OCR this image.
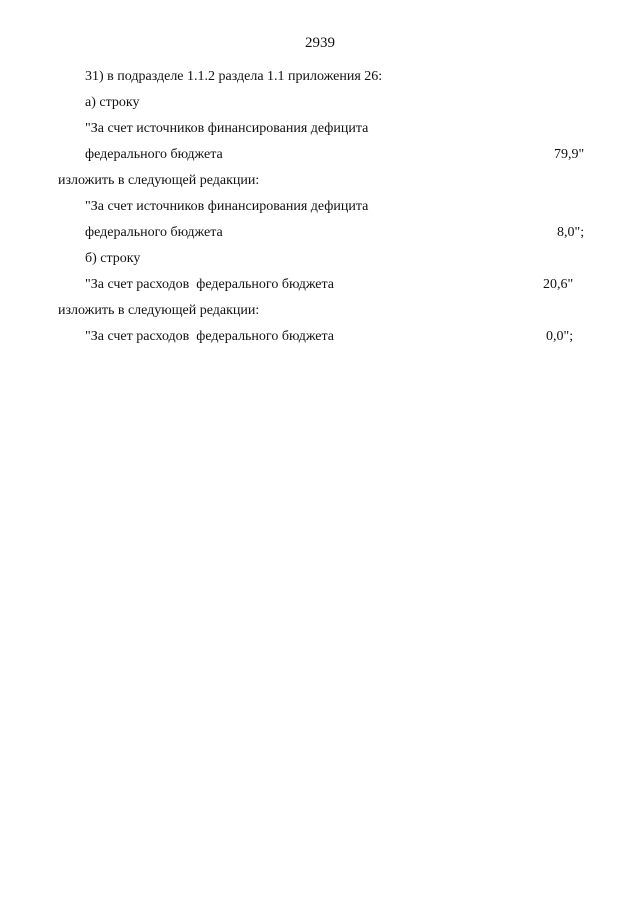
2939
31) в подразделе 1.1.2 раздела 1.1 приложения 26:
а) строку
"За счет источников финансирования дефицита
федерального бюджета	79,9"
изложить в следующей редакции:
"За счет источников финансирования дефицита
федерального бюджета	8,0";
б) строку
"За счет расходов  федерального бюджета	20,6"
изложить в следующей редакции:
"За счет расходов  федерального бюджета	0,0";
